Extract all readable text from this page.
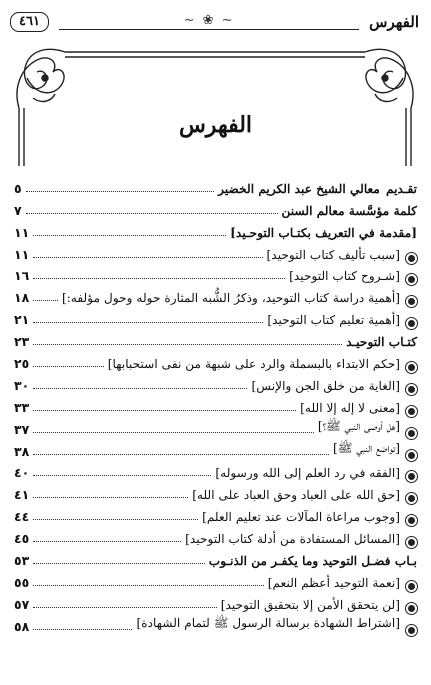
الفهرس
∽ ❀ ∽
٤٦١
الفهرس
تقـديم
معالي الشيخ عبد الكريم الخضير
٥
كلمة مؤسَّسة معالم السنن
٧
[مقدمة في التعريف بكتـاب التوحـيد]
١١
[سبب تأليف كتاب التوحيد]
١١
[شـروح كتاب التوحيد]
١٦
[أهمية دراسة كتاب التوحيد، وذكرُ الشُّبه المثارة حوله وحول مؤلفه:]
١٨
[أهمية تعليم كتاب التوحيد]
٢١
كتـاب التوحيـد
٢٣
[حكم الابتداء بالبسملة والرد على شبهة من نفى استحبابها]
٢٥
[الغاية من خلق الجن والإنس]
٣٠
[معنى لا إله إلا الله]
٣٣
[هل أوصى النبي ﷺ؟]
٣٧
[تواضع النبي ﷺ]
٣٨
[الفقه في رد العلم إلى الله ورسوله]
٤٠
[حق الله على العباد وحق العباد على الله]
٤١
[وجوب مراعاة المآلات عند تعليم العلم]
٤٤
[المسائل المستفادة من أدلة كتاب التوحيد]
٤٥
بـاب فضـل التوحيد وما يكفـر من الذنـوب
٥٣
[نعمة التوحيد أعظم النعم]
٥٥
[لن يتحقق الأمن إلا بتحقيق التوحيد]
٥٧
[اشتراط الشهادة برسالة الرسول ﷺ لتمام الشهادة]
٥٨
